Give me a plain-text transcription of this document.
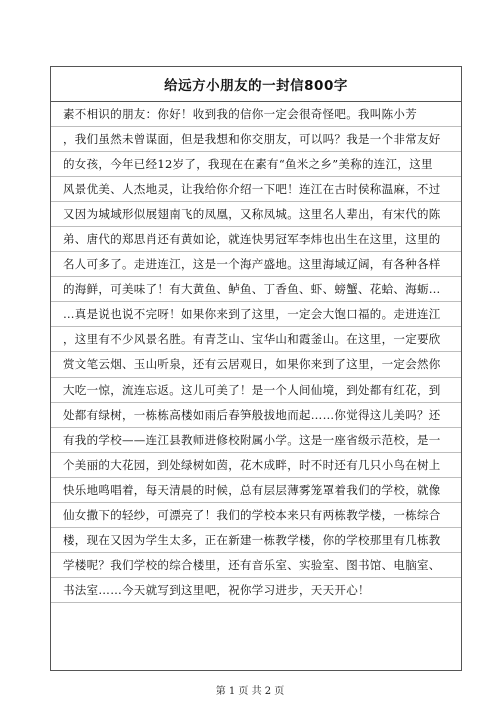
给远方小朋友的一封信800字
素不相识的朋友：你好！收到我的信你一定会很奇怪吧。我叫陈小芳
，我们虽然未曾谋面，但是我想和你交朋友，可以吗？我是一个非常友好
的女孩，今年已经12岁了，我现在在素有“鱼米之乡”美称的连江，这里
风景优美、人杰地灵，让我给你介绍一下吧！连江在古时侯称温麻，不过
又因为城域形似展翅南飞的凤凰，又称凤城。这里名人辈出，有宋代的陈
弟、唐代的郑思肖还有黄如论，就连快男冠军李炜也出生在这里，这里的
名人可多了。走进连江，这是一个海产盛地。这里海域辽阔，有各种各样
的海鲜，可美味了！有大黄鱼、鲈鱼、丁香鱼、虾、螃蟹、花蛤、海蛎…
…真是说也说不完呀！如果你来到了这里，一定会大饱口福的。走进连江
，这里有不少风景名胜。有青芝山、宝华山和霞釜山。在这里，一定要欣
赏文笔云烟、玉山听泉，还有云居观日，如果你来到了这里，一定会然你
大吃一惊，流连忘返。这儿可美了！是一个人间仙境，到处都有红花，到
处都有绿树，一栋栋高楼如雨后春笋般拔地而起……你觉得这儿美吗？还
有我的学校——连江县教师进修校附属小学。这是一座省级示范校，是一
个美丽的大花园，到处绿树如茵，花木成畔，时不时还有几只小鸟在树上
快乐地鸣唱着，每天清晨的时候，总有层层薄雾笼罩着我们的学校，就像
仙女撒下的轻纱，可漂亮了！我们的学校本来只有两栋教学楼，一栋综合
楼，现在又因为学生太多，正在新建一栋教学楼，你的学校那里有几栋教
学楼呢？我们学校的综合楼里，还有音乐室、实验室、图书馆、电脑室、
书法室……今天就写到这里吧，祝你学习进步，天天开心！
第 1 页 共 2 页
